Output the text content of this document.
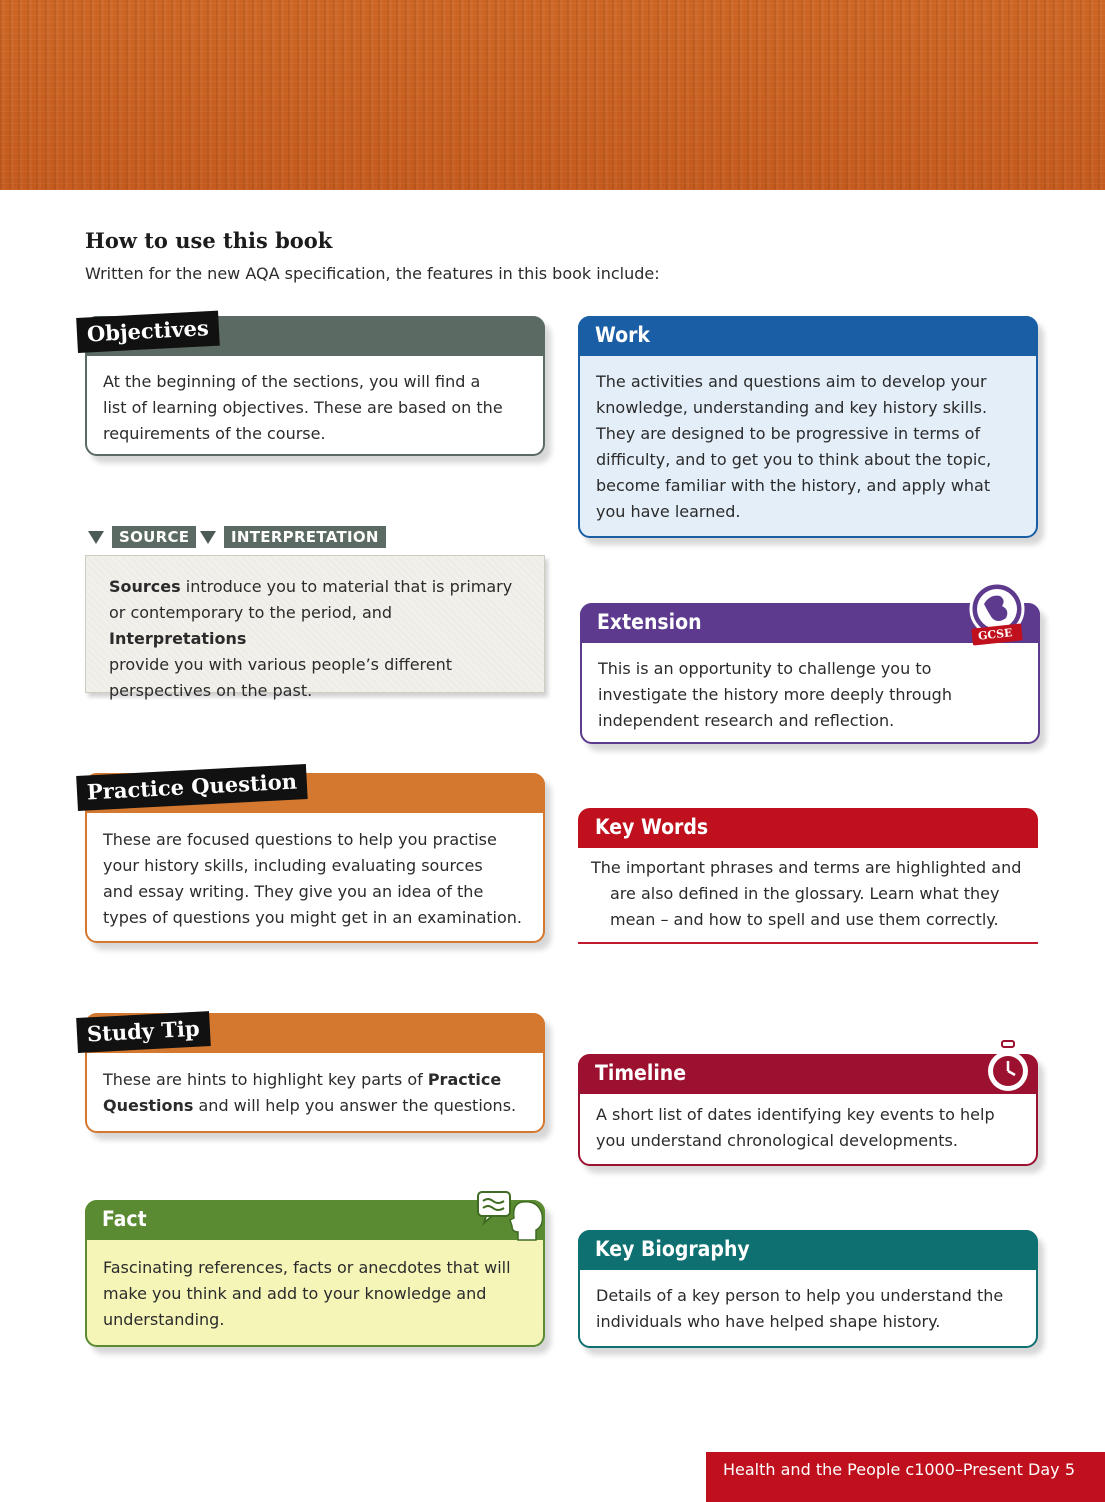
How to use this book

Written for the new AQA specification, the features in this book include:

At the beginning of the sections, you will find a
list of learning objectives. These are based on the
requirements of the course.
Objectives	Work
The activities and questions aim to develop your
knowledge, understanding and key history skills.
They are designed to be progressive in terms of
difficulty, and to get you to think about the topic,
become familiar with the history, and apply what
you have learned.
SOURCE	INTERPRETATION
Sources introduce you to material that is primary
or contemporary to the period, and Interpretations
provide you with various people’s different
perspectives on the past.
Extension
This is an opportunity to challenge you to
investigate the history more deeply through
independent research and reflection.
GCSE
These are focused questions to help you practise
your history skills, including evaluating sources
and essay writing. They give you an idea of the
types of questions you might get in an examination.
Practice Question
Key Words
The important phrases and terms are highlighted and
are also defined in the glossary. Learn what they
mean – and how to spell and use them correctly.
These are hints to highlight key parts of Practice
Questions and will help you answer the questions.
Study Tip
Timeline
A short list of dates identifying key events to help
you understand chronological developments.
Fact
Fascinating references, facts or anecdotes that will
make you think and add to your knowledge and
understanding.
Key Biography
Details of a key person to help you understand the
individuals who have helped shape history.
Health and the People c1000–Present Day 5
